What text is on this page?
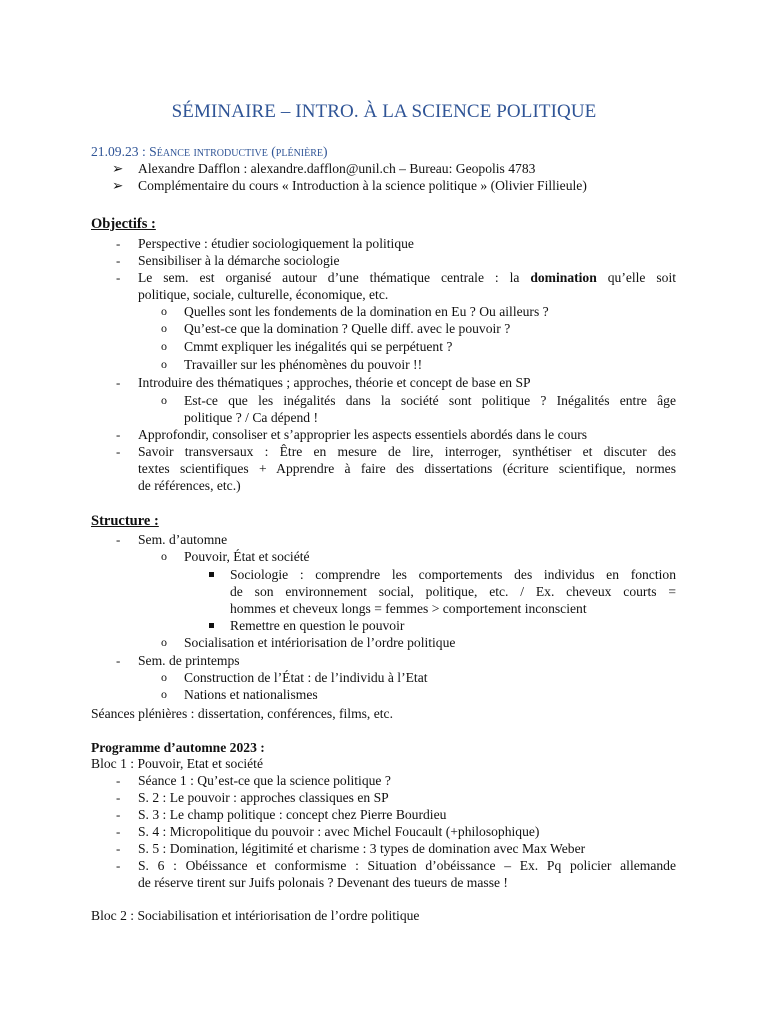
SÉMINAIRE – INTRO. À LA SCIENCE POLITIQUE
21.09.23 : Séance introductive (plénière)
➢ Alexandre Dafflon : alexandre.dafflon@unil.ch – Bureau: Geopolis 4783
➢ Complémentaire du cours « Introduction à la science politique » (Olivier Fillieule)
Objectifs :
- Perspective : étudier sociologiquement la politique
- Sensibiliser à la démarche sociologie
- Le sem. est organisé autour d’une thématique centrale : la domination qu’elle soit
politique, sociale, culturelle, économique, etc.
o Quelles sont les fondements de la domination en Eu ? Ou ailleurs ?
o Qu’est-ce que la domination ? Quelle diff. avec le pouvoir ?
o Cmmt expliquer les inégalités qui se perpétuent ?
o Travailler sur les phénomènes du pouvoir !!
- Introduire des thématiques ; approches, théorie et concept de base en SP
o Est-ce que les inégalités dans la société sont politique ? Inégalités entre âge
politique ? / Ca dépend !
- Approfondir, consoliser et s’approprier les aspects essentiels abordés dans le cours
- Savoir transversaux : Être en mesure de lire, interroger, synthétiser et discuter des
textes scientifiques + Apprendre à faire des dissertations (écriture scientifique, normes
de références, etc.)
Structure :
- Sem. d’automne
o Pouvoir, État et société
Sociologie : comprendre les comportements des individus en fonction
de son environnement social, politique, etc. / Ex. cheveux courts =
hommes et cheveux longs = femmes > comportement inconscient
Remettre en question le pouvoir
o Socialisation et intériorisation de l’ordre politique
- Sem. de printemps
o Construction de l’État : de l’individu à l’Etat
o Nations et nationalismes
Séances plénières : dissertation, conférences, films, etc.
Programme d’automne 2023 :
Bloc 1 : Pouvoir, Etat et société
- Séance 1 : Qu’est-ce que la science politique ?
- S. 2 : Le pouvoir : approches classiques en SP
- S. 3 : Le champ politique : concept chez Pierre Bourdieu
- S. 4 : Micropolitique du pouvoir : avec Michel Foucault (+philosophique)
- S. 5 : Domination, légitimité et charisme : 3 types de domination avec Max Weber
- S. 6 : Obéissance et conformisme : Situation d’obéissance – Ex. Pq policier allemande
de réserve tirent sur Juifs polonais ? Devenant des tueurs de masse !
Bloc 2 : Sociabilisation et intériorisation de l’ordre politique
